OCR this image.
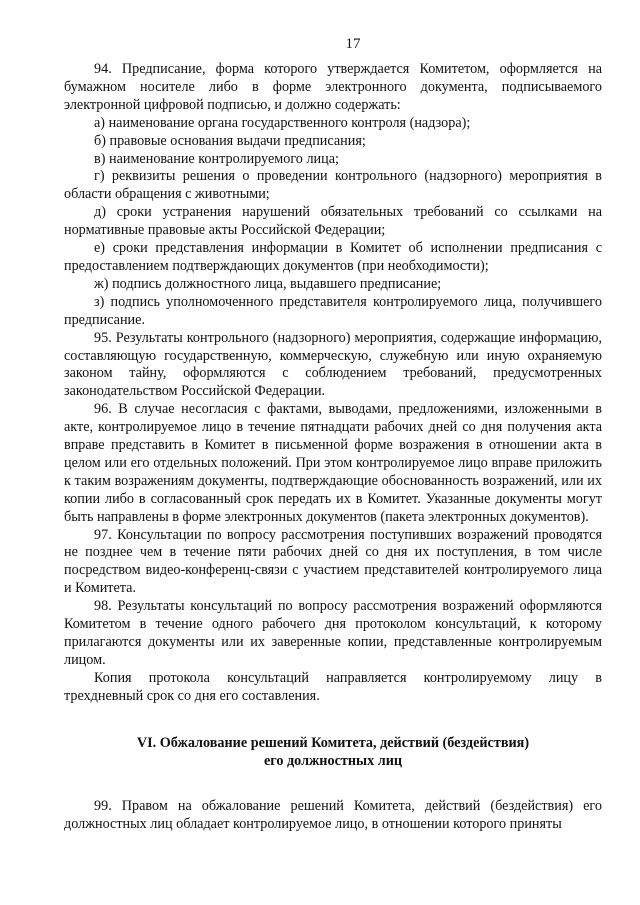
17

94. Предписание, форма которого утверждается Комитетом, оформляется на бумажном носителе либо в форме электронного документа, подписываемого электронной цифровой подписью, и должно содержать:

а) наименование органа государственного контроля (надзора);

б) правовые основания выдачи предписания;

в) наименование контролируемого лица;

г) реквизиты решения о проведении контрольного (надзорного) мероприятия в области обращения с животными;

д) сроки устранения нарушений обязательных требований со ссылками на нормативные правовые акты Российской Федерации;

е) сроки представления информации в Комитет об исполнении предписания с предоставлением подтверждающих документов (при необходимости);

ж) подпись должностного лица, выдавшего предписание;

з) подпись уполномоченного представителя контролируемого лица, получившего предписание.

95. Результаты контрольного (надзорного) мероприятия, содержащие информацию, составляющую государственную, коммерческую, служебную или иную охраняемую законом тайну, оформляются с соблюдением требований, предусмотренных законодательством Российской Федерации.

96. В случае несогласия с фактами, выводами, предложениями, изложенными в акте, контролируемое лицо в течение пятнадцати рабочих дней со дня получения акта вправе представить в Комитет в письменной форме возражения в отношении акта в целом или его отдельных положений. При этом контролируемое лицо вправе приложить к таким возражениям документы, подтверждающие обоснованность возражений, или их копии либо в согласованный срок передать их в Комитет. Указанные документы могут быть направлены в форме электронных документов (пакета электронных документов).

97. Консультации по вопросу рассмотрения поступивших возражений проводятся не позднее чем в течение пяти рабочих дней со дня их поступления, в том числе посредством видео-конференц-связи с участием представителей контролируемого лица и Комитета.

98. Результаты консультаций по вопросу рассмотрения возражений оформляются Комитетом в течение одного рабочего дня протоколом консультаций, к которому прилагаются документы или их заверенные копии, представленные контролируемым лицом.

Копия протокола консультаций направляется контролируемому лицу в трехдневный срок со дня его составления.

VI. Обжалование решений Комитета, действий (бездействия)
его должностных лиц

99. Правом на обжалование решений Комитета, действий (бездействия) его должностных лиц обладает контролируемое лицо, в отношении которого приняты
